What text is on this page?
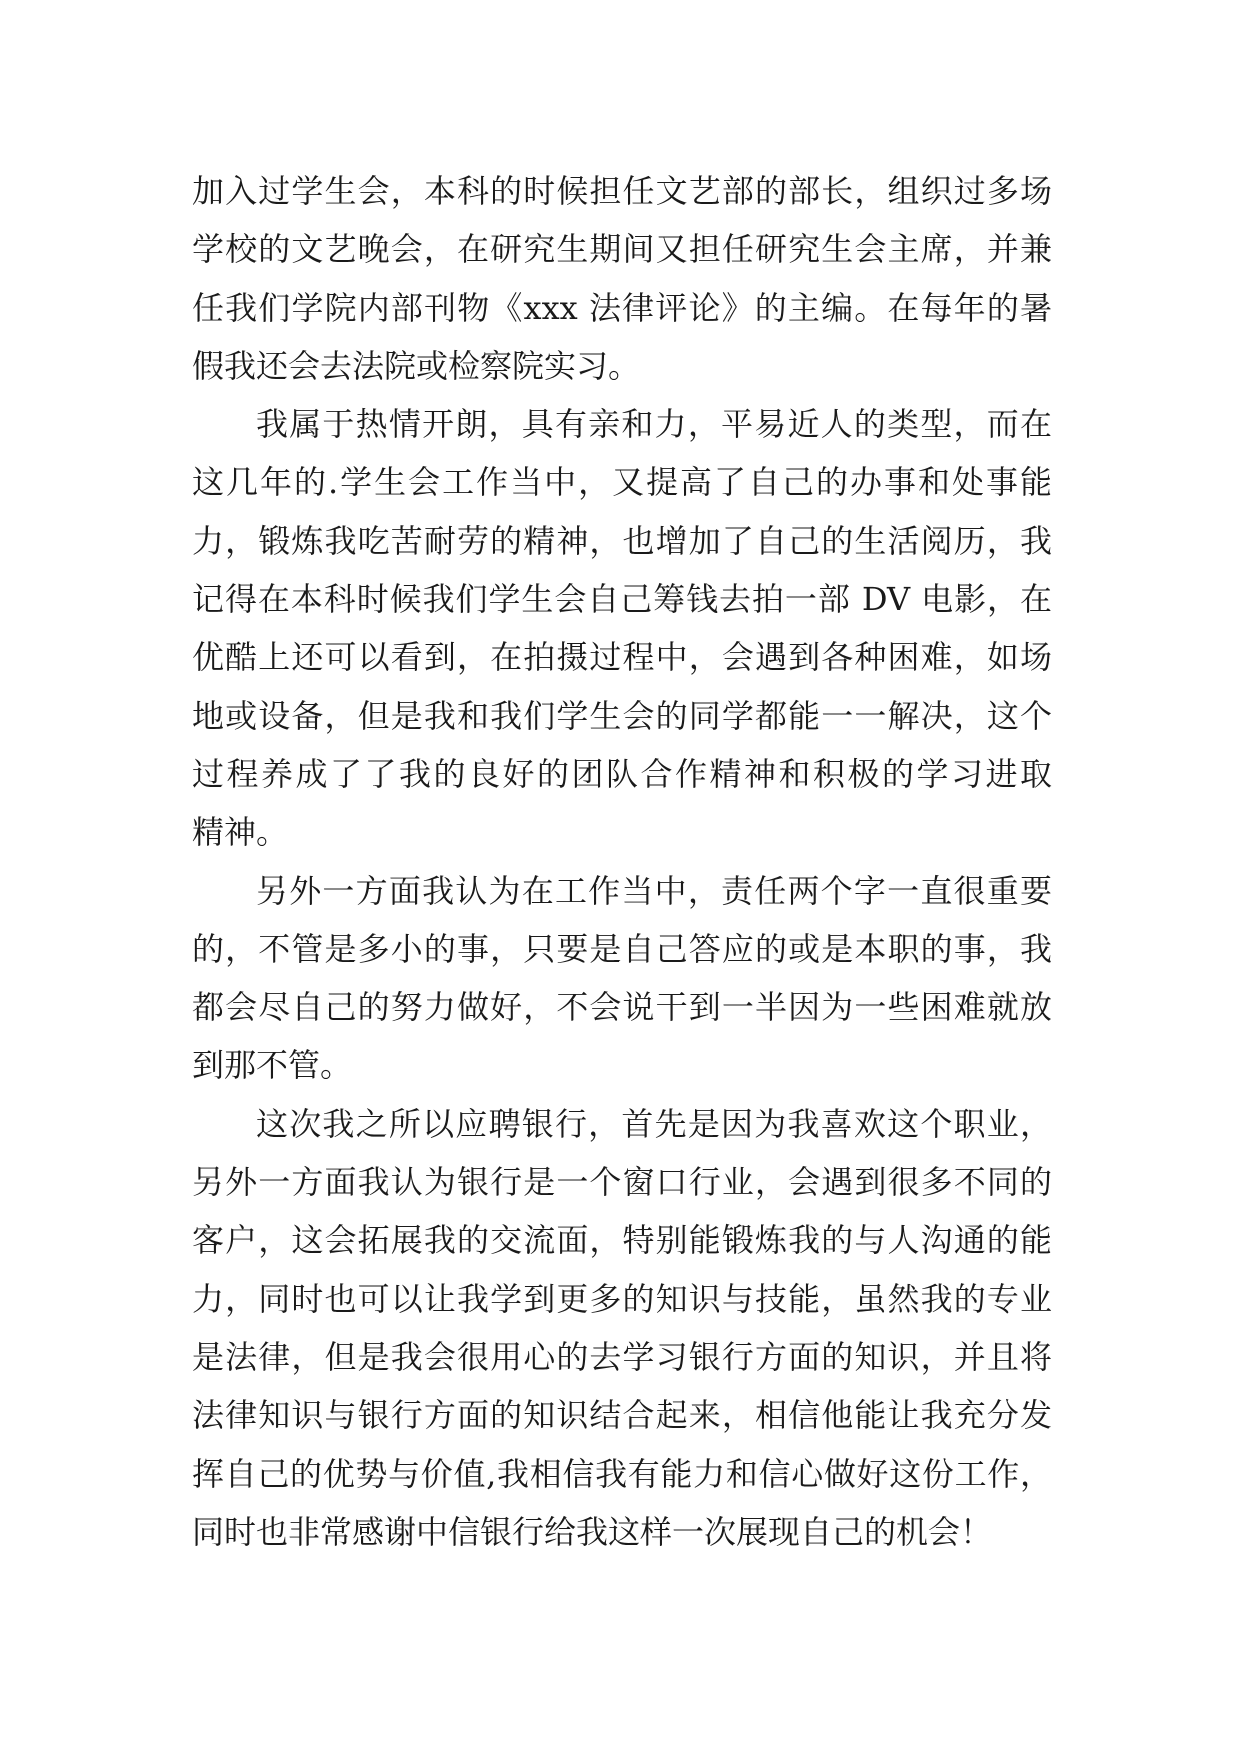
加入过学生会，本科的时候担任文艺部的部长，组织过多场
学校的文艺晚会，在研究生期间又担任研究生会主席，并兼
任我们学院内部刊物《xxx 法律评论》的主编。在每年的暑
假我还会去法院或检察院实习。
我属于热情开朗，具有亲和力，平易近人的类型，而在
这几年的.学生会工作当中，又提高了自己的办事和处事能
力，锻炼我吃苦耐劳的精神，也增加了自己的生活阅历，我
记得在本科时候我们学生会自己筹钱去拍一部 DV 电影，在
优酷上还可以看到，在拍摄过程中，会遇到各种困难，如场
地或设备，但是我和我们学生会的同学都能一一解决，这个
过程养成了了我的良好的团队合作精神和积极的学习进取
精神。
另外一方面我认为在工作当中，责任两个字一直很重要
的，不管是多小的事，只要是自己答应的或是本职的事，我
都会尽自己的努力做好，不会说干到一半因为一些困难就放
到那不管。
这次我之所以应聘银行，首先是因为我喜欢这个职业，
另外一方面我认为银行是一个窗口行业，会遇到很多不同的
客户，这会拓展我的交流面，特别能锻炼我的与人沟通的能
力，同时也可以让我学到更多的知识与技能，虽然我的专业
是法律，但是我会很用心的去学习银行方面的知识，并且将
法律知识与银行方面的知识结合起来，相信他能让我充分发
挥自己的优势与价值,我相信我有能力和信心做好这份工作，
同时也非常感谢中信银行给我这样一次展现自己的机会！
